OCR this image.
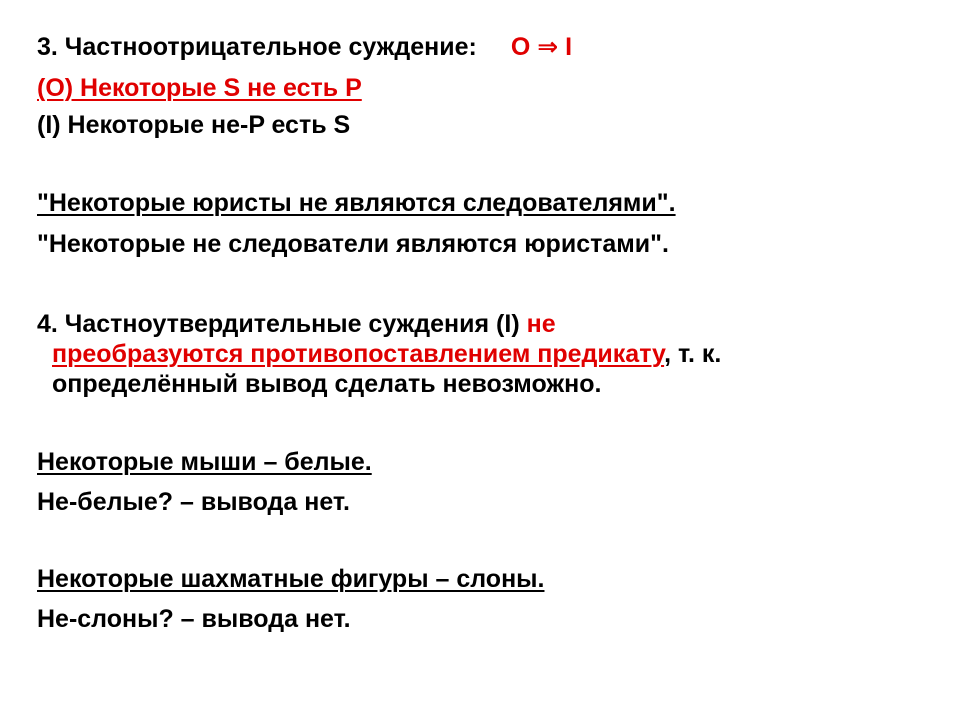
3. Частноотрицательное суждение: O ⇒ I
(O) Некоторые S не есть P
(I) Некоторые не-P есть S
"Некоторые юристы не являются следователями".
"Некоторые не следователи являются юристами".
4. Частноутвердительные суждения (I) не
преобразуются противопоставлением предикату, т. к.
определённый вывод сделать невозможно.
Некоторые мыши – белые.
Не-белые? – вывода нет.
Некоторые шахматные фигуры – слоны.
Не-слоны? – вывода нет.
